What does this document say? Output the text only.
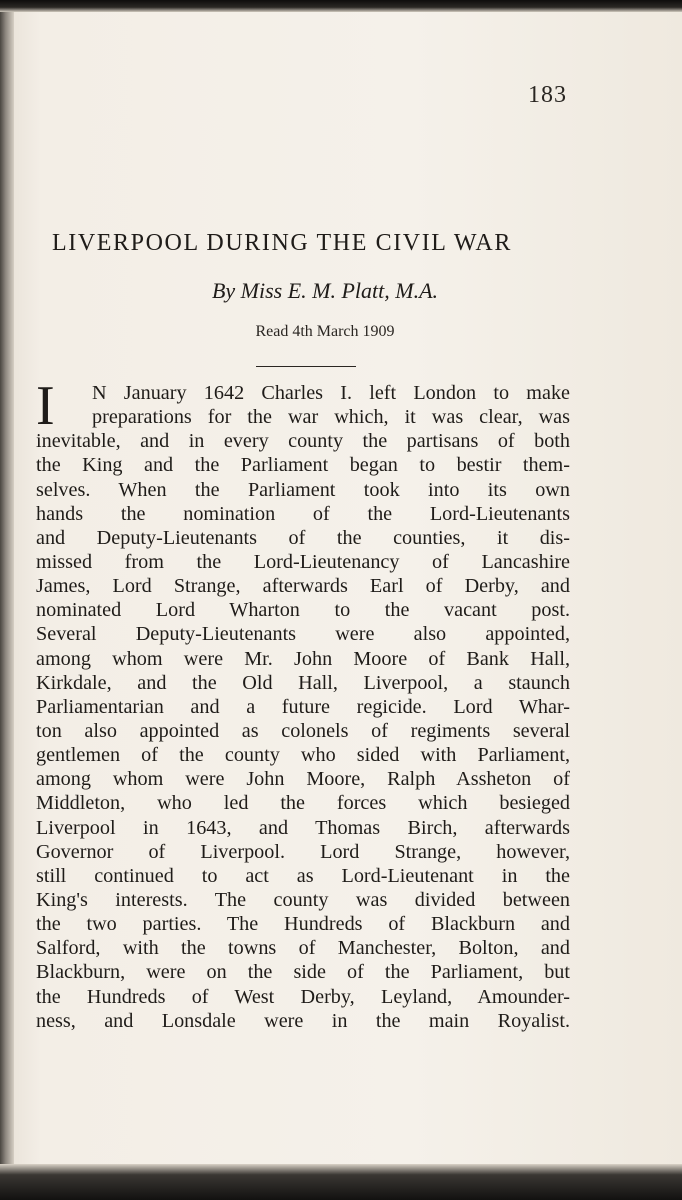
183
LIVERPOOL DURING THE CIVIL WAR
By Miss E. M. Platt, M.A.
Read 4th March 1909
I	N January 1642 Charles I. left London to make
preparations for the war which, it was clear, was
inevitable, and in every county the partisans of both
the King and the Parliament began to bestir them-
selves. When the Parliament took into its own
hands the nomination of the Lord-Lieutenants
and Deputy-Lieutenants of the counties, it dis-
missed from the Lord-Lieutenancy of Lancashire
James, Lord Strange, afterwards Earl of Derby, and
nominated Lord Wharton to the vacant post.
Several Deputy-Lieutenants were also appointed,
among whom were Mr. John Moore of Bank Hall,
Kirkdale, and the Old Hall, Liverpool, a staunch
Parliamentarian and a future regicide. Lord Whar-
ton also appointed as colonels of regiments several
gentlemen of the county who sided with Parliament,
among whom were John Moore, Ralph Assheton of
Middleton, who led the forces which besieged
Liverpool in 1643, and Thomas Birch, afterwards
Governor of Liverpool. Lord Strange, however,
still continued to act as Lord-Lieutenant in the
King's interests. The county was divided between
the two parties. The Hundreds of Blackburn and
Salford, with the towns of Manchester, Bolton, and
Blackburn, were on the side of the Parliament, but
the Hundreds of West Derby, Leyland, Amounder-
ness, and Lonsdale were in the main Royalist.
